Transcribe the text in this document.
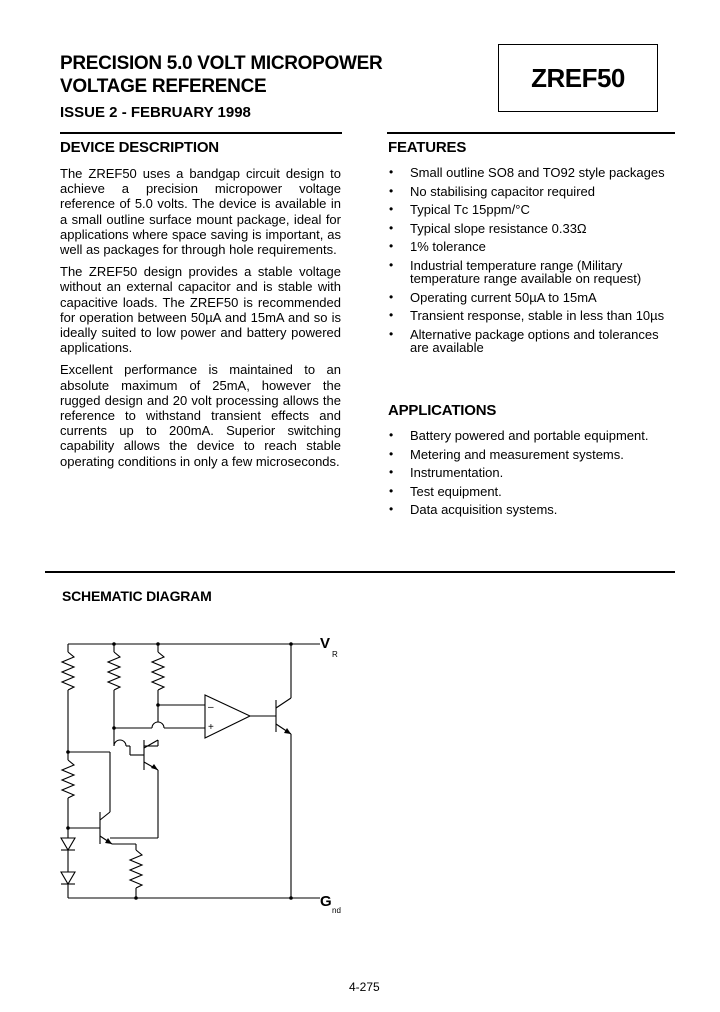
PRECISION 5.0 VOLT MICROPOWER
VOLTAGE REFERENCE
ISSUE 2 - FEBRUARY 1998
ZREF50
DEVICE DESCRIPTION

The ZREF50 uses a bandgap circuit design to achieve a precision micropower voltage reference of 5.0 volts. The device is available in a small outline surface mount package, ideal for applications where space saving is important, as well as packages for through hole requirements.

The ZREF50 design provides a stable voltage without an external capacitor and is stable with capacitive loads. The ZREF50 is recommended for operation between 50µA and 15mA and so is ideally suited to low power and battery powered applications.

Excellent performance is maintained to an absolute maximum of 25mA, however the rugged design and 20 volt processing allows the reference to withstand transient effects and currents up to 200mA. Superior switching capability allows the device to reach stable operating conditions in only a few microseconds.

FEATURES
• Small outline SO8 and TO92 style packages
• No stabilising capacitor required
• Typical Tᴄ 15ppm/°C
• Typical slope resistance 0.33Ω
• 1% tolerance
• Industrial temperature range (Military temperature range available on request)
• Operating current 50µA to 15mA
• Transient response, stable in less than 10µs
• Alternative package options and tolerances are available
APPLICATIONS
• Battery powered and portable equipment.
• Metering and measurement systems.
• Instrumentation.
• Test equipment.
• Data acquisition systems.
SCHEMATIC DIAGRAM
–
+
V
R
G
nd
4-275
